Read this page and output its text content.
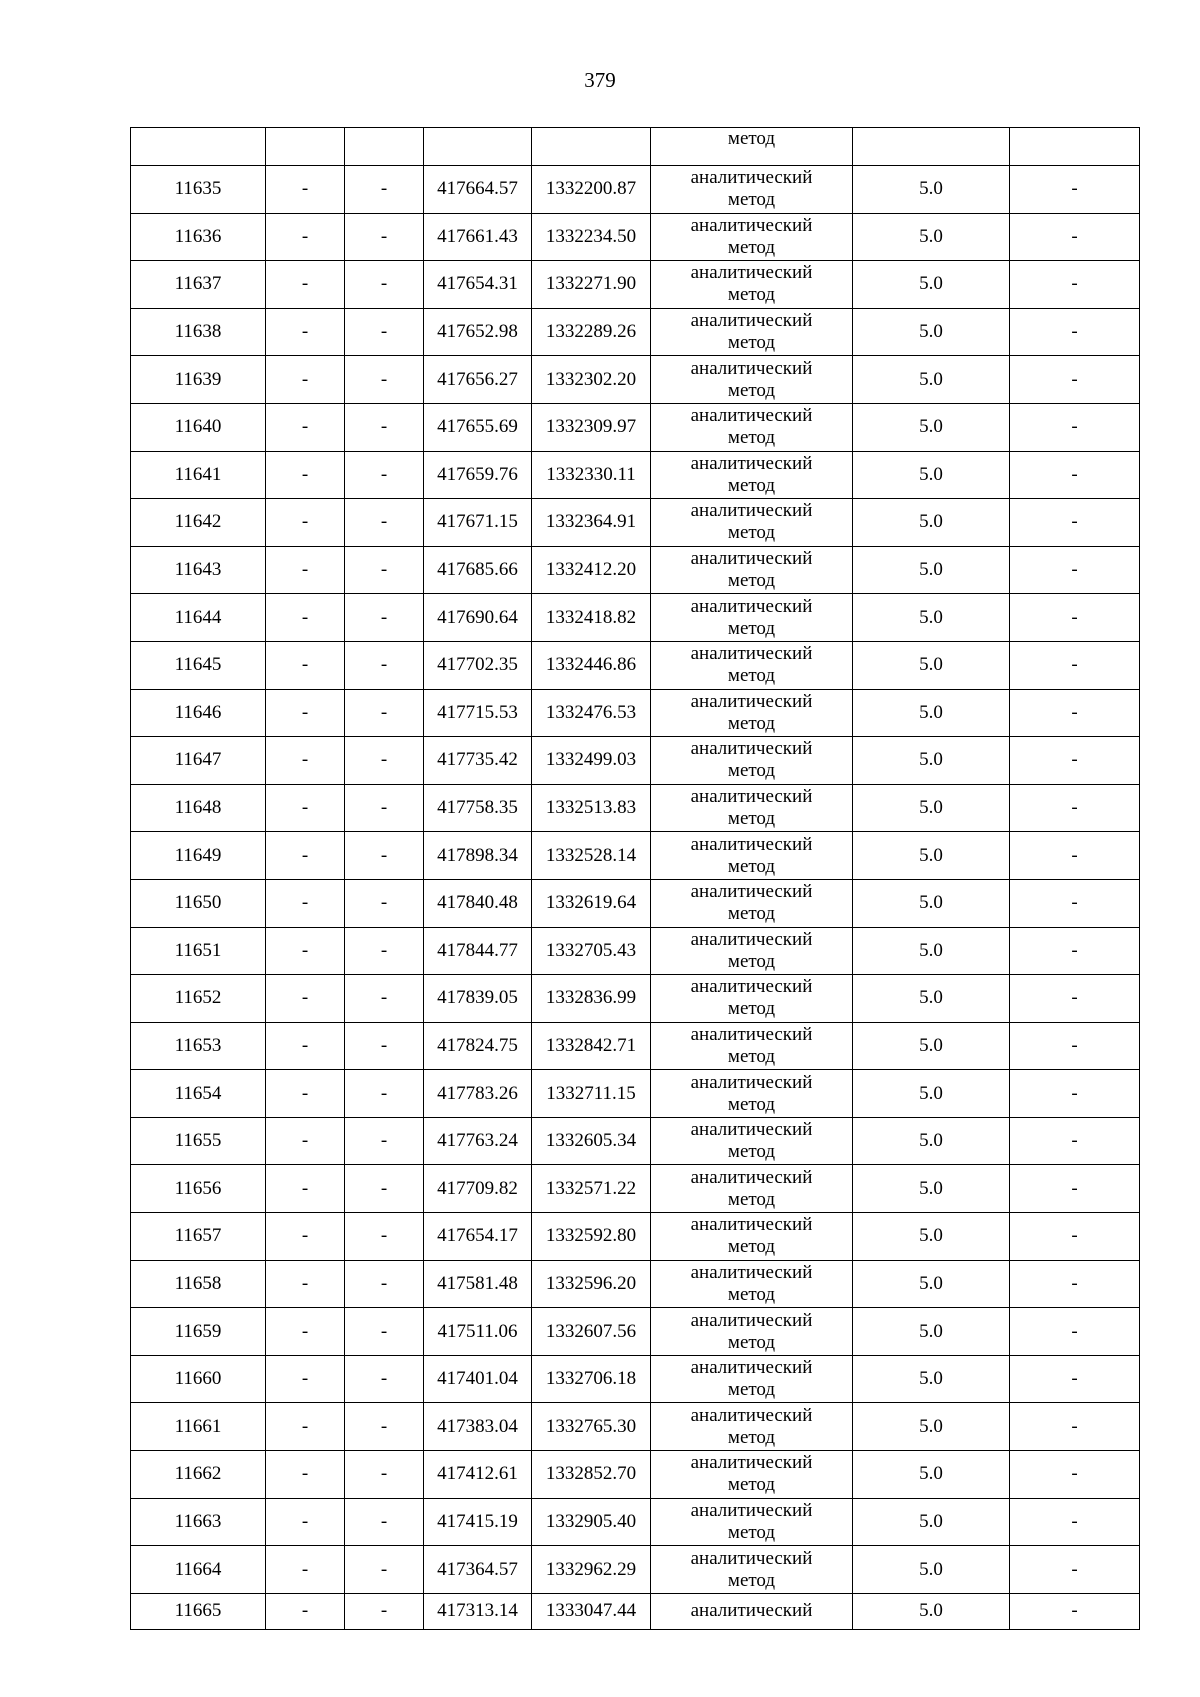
379
					метод		
11635	-	-	417664.57	1332200.87	аналитический
метод	5.0	-
11636	-	-	417661.43	1332234.50	аналитический
метод	5.0	-
11637	-	-	417654.31	1332271.90	аналитический
метод	5.0	-
11638	-	-	417652.98	1332289.26	аналитический
метод	5.0	-
11639	-	-	417656.27	1332302.20	аналитический
метод	5.0	-
11640	-	-	417655.69	1332309.97	аналитический
метод	5.0	-
11641	-	-	417659.76	1332330.11	аналитический
метод	5.0	-
11642	-	-	417671.15	1332364.91	аналитический
метод	5.0	-
11643	-	-	417685.66	1332412.20	аналитический
метод	5.0	-
11644	-	-	417690.64	1332418.82	аналитический
метод	5.0	-
11645	-	-	417702.35	1332446.86	аналитический
метод	5.0	-
11646	-	-	417715.53	1332476.53	аналитический
метод	5.0	-
11647	-	-	417735.42	1332499.03	аналитический
метод	5.0	-
11648	-	-	417758.35	1332513.83	аналитический
метод	5.0	-
11649	-	-	417898.34	1332528.14	аналитический
метод	5.0	-
11650	-	-	417840.48	1332619.64	аналитический
метод	5.0	-
11651	-	-	417844.77	1332705.43	аналитический
метод	5.0	-
11652	-	-	417839.05	1332836.99	аналитический
метод	5.0	-
11653	-	-	417824.75	1332842.71	аналитический
метод	5.0	-
11654	-	-	417783.26	1332711.15	аналитический
метод	5.0	-
11655	-	-	417763.24	1332605.34	аналитический
метод	5.0	-
11656	-	-	417709.82	1332571.22	аналитический
метод	5.0	-
11657	-	-	417654.17	1332592.80	аналитический
метод	5.0	-
11658	-	-	417581.48	1332596.20	аналитический
метод	5.0	-
11659	-	-	417511.06	1332607.56	аналитический
метод	5.0	-
11660	-	-	417401.04	1332706.18	аналитический
метод	5.0	-
11661	-	-	417383.04	1332765.30	аналитический
метод	5.0	-
11662	-	-	417412.61	1332852.70	аналитический
метод	5.0	-
11663	-	-	417415.19	1332905.40	аналитический
метод	5.0	-
11664	-	-	417364.57	1332962.29	аналитический
метод	5.0	-
11665	-	-	417313.14	1333047.44	аналитический	5.0	-
